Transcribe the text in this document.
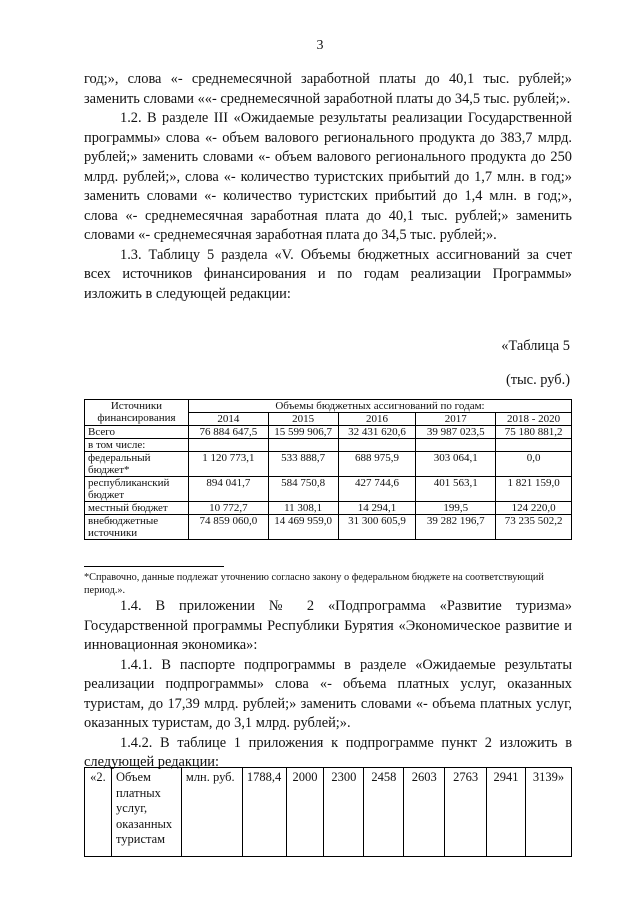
3

год;», слова «- среднемесячной заработной платы до 40,1 тыс. рублей;» заменить словами ««- среднемесячной заработной платы до 34,5 тыс. рублей;».

1.2. В разделе III «Ожидаемые результаты реализации Государственной программы» слова «- объем валового регионального продукта до 383,7 млрд. рублей;» заменить словами «- объем валового регионального продукта до 250 млрд. рублей;», слова «- количество туристских прибытий до 1,7 млн. в год;» заменить словами «- количество туристских прибытий до 1,4 млн. в год;», слова «- среднемесячная заработная плата до 40,1 тыс. рублей;» заменить словами «- среднемесячная заработная плата до 34,5 тыс. рублей;».

1.3. Таблицу 5 раздела «V. Объемы бюджетных ассигнований за счет всех источников финансирования и по годам реализации Программы» изложить в следующей редакции:

«Таблица 5
(тыс. руб.)
Источники финансирования	Объемы бюджетных ассигнований по годам:				
	2014	2015	2016	2017	2018 - 2020
Всего	76 884 647,5	15 599 906,7	32 431 620,6	39 987 023,5	75 180 881,2
в том числе:					
федеральный бюджет*	1 120 773,1	533 888,7	688 975,9	303 064,1	0,0
республиканский бюджет	894 041,7	584 750,8	427 744,6	401 563,1	1 821 159,0
местный бюджет	10 772,7	11 308,1	14 294,1	199,5	124 220,0
внебюджетные источники	74 859 060,0	14 469 959,0	31 300 605,9	39 282 196,7	73 235 502,2
*Справочно, данные подлежат уточнению согласно закону о федеральном бюджете на соответствующий период.».

1.4. В приложении № 2 «Подпрограмма «Развитие туризма» Государственной программы Республики Бурятия «Экономическое развитие и инновационная экономика»:

1.4.1. В паспорте подпрограммы в разделе «Ожидаемые результаты реализации подпрограммы» слова «- объема платных услуг, оказанных туристам, до 17,39 млрд. рублей;» заменить словами «- объема платных услуг, оказанных туристам, до 3,1 млрд. рублей;».

1.4.2. В таблице 1 приложения к подпрограмме пункт 2 изложить в следующей редакции:

«2.	Объем платных услуг, оказанных туристам	млн. руб.	1788,4	2000	2300	2458	2603	2763	2941	3139»
